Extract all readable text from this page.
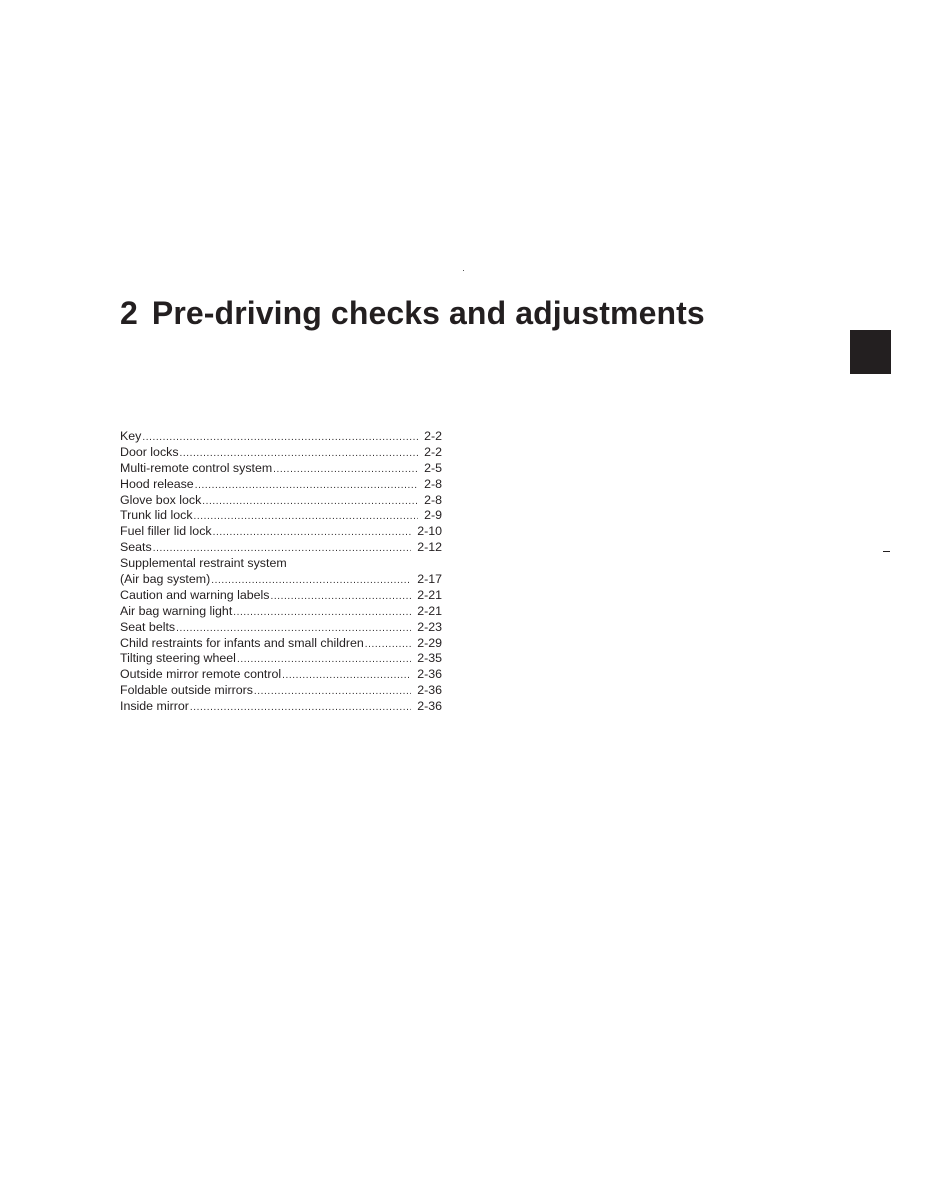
2 Pre-driving checks and adjustments
Key .....	2-2
Door locks .....	2-2
Multi-remote control system .....	2-5
Hood release .....	2-8
Glove box lock .....	2-8
Trunk lid lock .....	2-9
Fuel filler lid lock .....	2-10
Seats .....	2-12
Supplemental restraint system
(Air bag system) .....	2-17
Caution and warning labels .....	2-21
Air bag warning light .....	2-21
Seat belts .....	2-23
Child restraints for infants and small children .....	2-29
Tilting steering wheel .....	2-35
Outside mirror remote control .....	2-36
Foldable outside mirrors .....	2-36
Inside mirror .....	2-36
